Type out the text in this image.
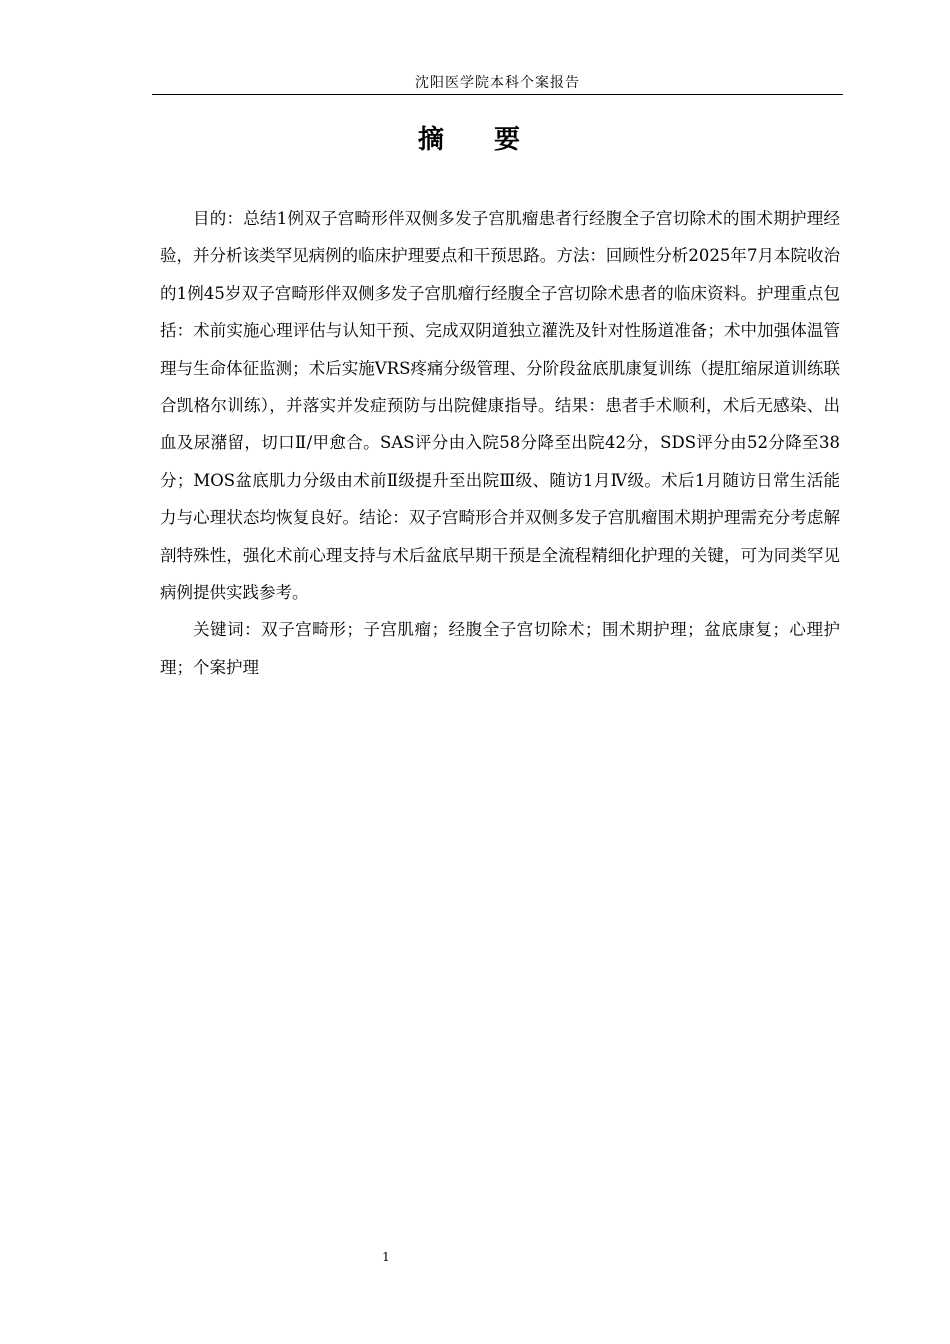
沈阳医学院本科个案报告
摘　要

目的：总结1例双子宫畸形伴双侧多发子宫肌瘤患者行经腹全子宫切除术的围术期护理经验，并分析该类罕见病例的临床护理要点和干预思路。方法：回顾性分析2025年7月本院收治的1例45岁双子宫畸形伴双侧多发子宫肌瘤行经腹全子宫切除术患者的临床资料。护理重点包括：术前实施心理评估与认知干预、完成双阴道独立灌洗及针对性肠道准备；术中加强体温管理与生命体征监测；术后实施VRS疼痛分级管理、分阶段盆底肌康复训练（提肛缩尿道训练联合凯格尔训练），并落实并发症预防与出院健康指导。结果：患者手术顺利，术后无感染、出血及尿潴留，切口Ⅱ/甲愈合。SAS评分由入院58分降至出院42分，SDS评分由52分降至38分；MOS盆底肌力分级由术前Ⅱ级提升至出院Ⅲ级、随访1月Ⅳ级。术后1月随访日常生活能力与心理状态均恢复良好。结论：双子宫畸形合并双侧多发子宫肌瘤围术期护理需充分考虑解剖特殊性，强化术前心理支持与术后盆底早期干预是全流程精细化护理的关键，可为同类罕见病例提供实践参考。

关键词：双子宫畸形；子宫肌瘤；经腹全子宫切除术；围术期护理；盆底康复；心理护理；个案护理

1
